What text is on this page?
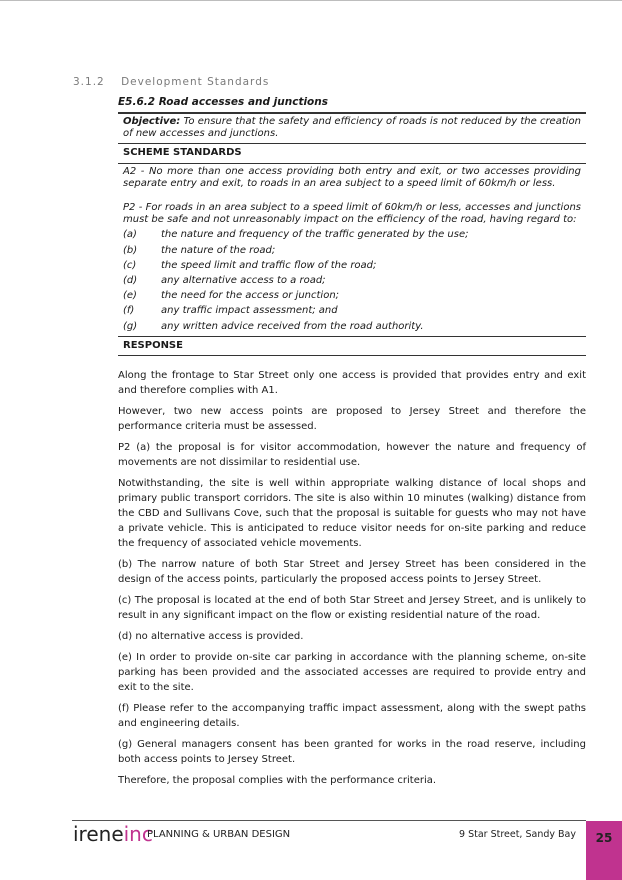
3.1.2 Development Standards
E5.6.2 Road accesses and junctions
Objective: To ensure that the safety and efficiency of roads is not reduced by the creation of new accesses and junctions.
SCHEME STANDARDS
A2 - No more than one access providing both entry and exit, or two accesses providing separate entry and exit, to roads in an area subject to a speed limit of 60km/h or less.
P2 - For roads in an area subject to a speed limit of 60km/h or less, accesses and junctions must be safe and not unreasonably impact on the efficiency of the road, having regard to:
(a)	the nature and frequency of the traffic generated by the use;
(b)	the nature of the road;
(c)	the speed limit and traffic flow of the road;
(d)	any alternative access to a road;
(e)	the need for the access or junction;
(f)	any traffic impact assessment; and
(g)	any written advice received from the road authority.
RESPONSE

Along the frontage to Star Street only one access is provided that provides entry and exit and therefore complies with A1.

However, two new access points are proposed to Jersey Street and therefore the performance criteria must be assessed.

P2 (a) the proposal is for visitor accommodation, however the nature and frequency of movements are not dissimilar to residential use.

Notwithstanding, the site is well within appropriate walking distance of local shops and primary public transport corridors. The site is also within 10 minutes (walking) distance from the CBD and Sullivans Cove, such that the proposal is suitable for guests who may not have a private vehicle. This is anticipated to reduce visitor needs for on-site parking and reduce the frequency of associated vehicle movements.

(b) The narrow nature of both Star Street and Jersey Street has been considered in the design of the access points, particularly the proposed access points to Jersey Street.

(c) The proposal is located at the end of both Star Street and Jersey Street, and is unlikely to result in any significant impact on the flow or existing residential nature of the road.

(d) no alternative access is provided.

(e) In order to provide on-site car parking in accordance with the planning scheme, on-site parking has been provided and the associated accesses are required to provide entry and exit to the site.

(f) Please refer to the accompanying traffic impact assessment, along with the swept paths and engineering details.

(g) General managers consent has been granted for works in the road reserve, including both access points to Jersey Street.

Therefore, the proposal complies with the performance criteria.

ireneinc
PLANNING & URBAN DESIGN	9 Star Street, Sandy Bay	25
